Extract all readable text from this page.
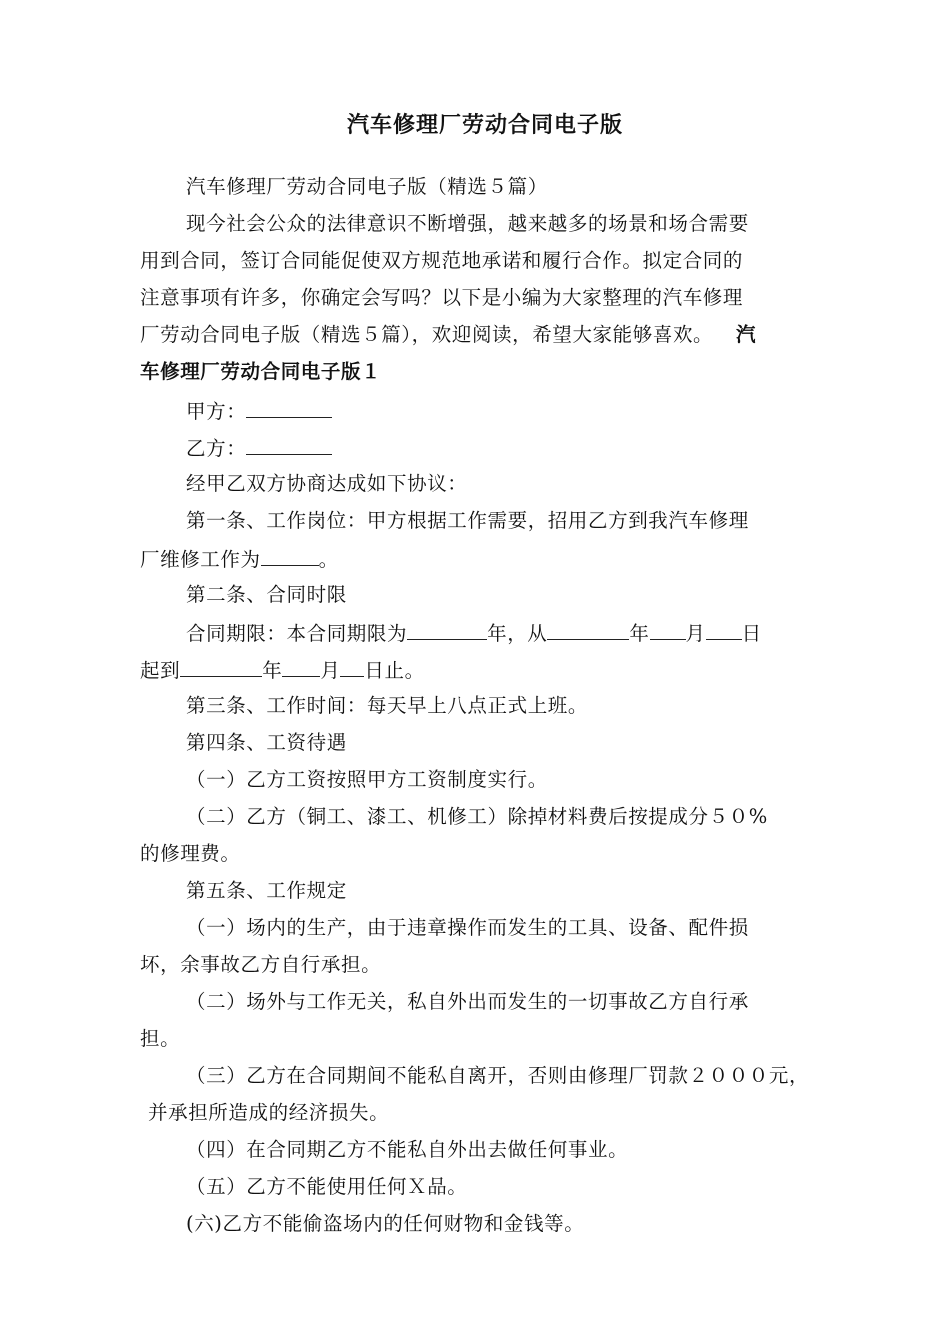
汽车修理厂劳动合同电子版
汽车修理厂劳动合同电子版（精选５篇）
现今社会公众的法律意识不断增强，越来越多的场景和场合需要
用到合同，签订合同能促使双方规范地承诺和履行合作。拟定合同的
注意事项有许多，你确定会写吗？以下是小编为大家整理的汽车修理
厂劳动合同电子版（精选５篇），欢迎阅读，希望大家能够喜欢。 汽
车修理厂劳动合同电子版１
甲方：
乙方：
经甲乙双方协商达成如下协议：
第一条、工作岗位：甲方根据工作需要，招用乙方到我汽车修理
厂维修工作为	。
第二条、合同时限
合同期限：本合同期限为	年，从	年 月 日
起到	年 月 日止。
第三条、工作时间：每天早上八点正式上班。
第四条、工资待遇
（一）乙方工资按照甲方工资制度实行。
（二）乙方（铜工、漆工、机修工）除掉材料费后按提成分５０%
的修理费。
第五条、工作规定
（一）场内的生产，由于违章操作而发生的工具、设备、配件损
坏，余事故乙方自行承担。
（二）场外与工作无关，私自外出而发生的一切事故乙方自行承
担。
（三）乙方在合同期间不能私自离开，否则由修理厂罚款２０００元，
并承担所造成的经济损失。
（四）在合同期乙方不能私自外出去做任何事业。
（五）乙方不能使用任何Ｘ品。
(六)乙方不能偷盗场内的任何财物和金钱等。
